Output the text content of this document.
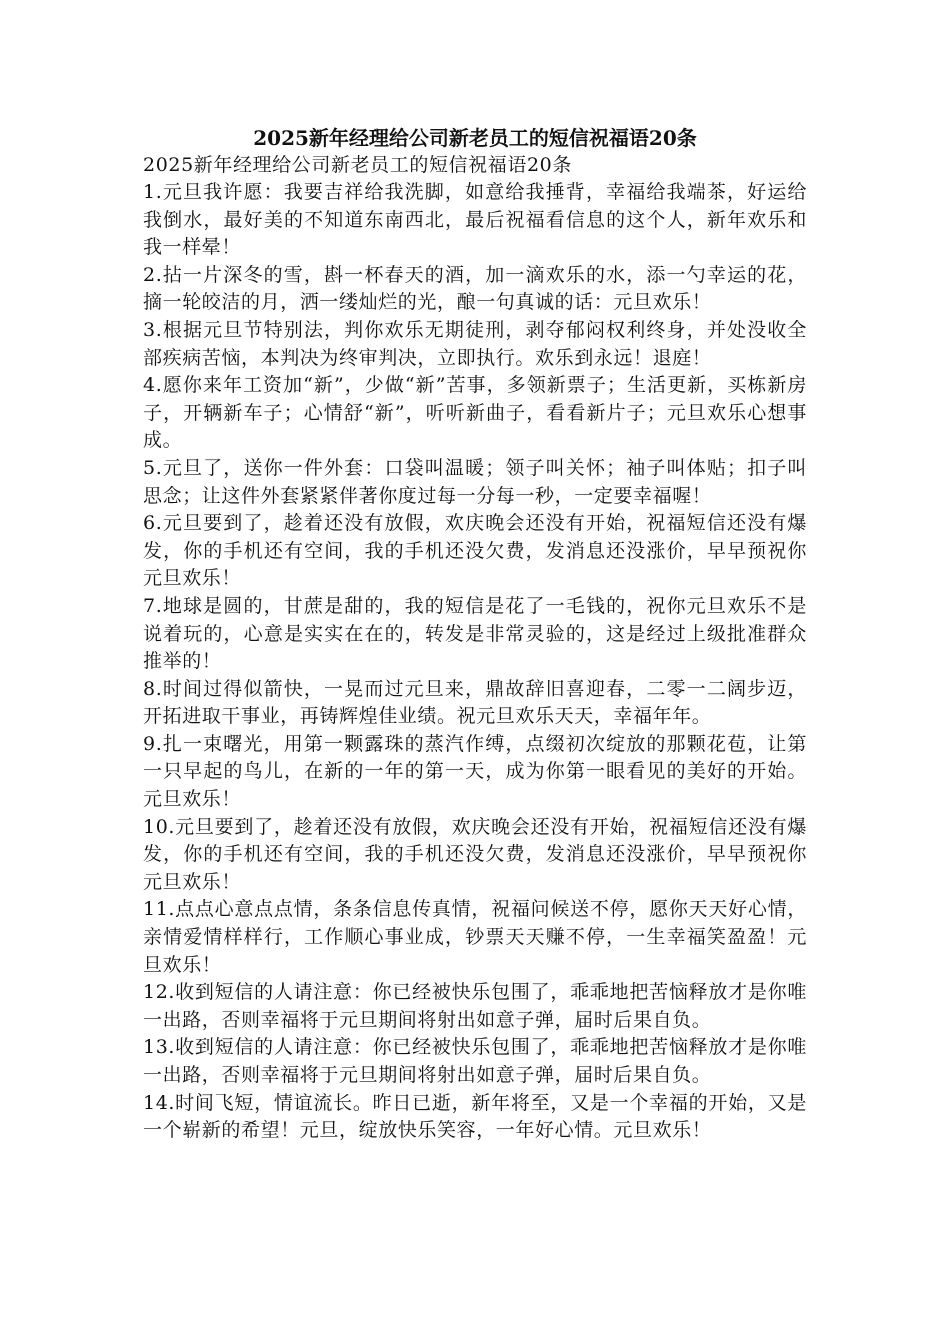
2025新年经理给公司新老员工的短信祝福语20条

2025新年经理给公司新老员工的短信祝福语20条

1.元旦我许愿：我要吉祥给我洗脚，如意给我捶背，幸福给我端茶，好运给我倒水，最好美的不知道东南西北，最后祝福看信息的这个人，新年欢乐和我一样晕！
2.拈一片深冬的雪，斟一杯春天的酒，加一滴欢乐的水，添一勺幸运的花，摘一轮皎洁的月，洒一缕灿烂的光，酿一句真诚的话：元旦欢乐！
3.根据元旦节特别法，判你欢乐无期徒刑，剥夺郁闷权利终身，并处没收全部疾病苦恼，本判决为终审判决，立即执行。欢乐到永远！退庭！
4.愿你来年工资加“新”，少做“新”苦事，多领新票子；生活更新，买栋新房子，开辆新车子；心情舒“新”，听听新曲子，看看新片子；元旦欢乐心想事成。
5.元旦了，送你一件外套：口袋叫温暖；领子叫关怀；袖子叫体贴；扣子叫思念；让这件外套紧紧伴著你度过每一分每一秒，一定要幸福喔！
6.元旦要到了，趁着还没有放假，欢庆晚会还没有开始，祝福短信还没有爆发，你的手机还有空间，我的手机还没欠费，发消息还没涨价，早早预祝你元旦欢乐！
7.地球是圆的，甘蔗是甜的，我的短信是花了一毛钱的，祝你元旦欢乐不是说着玩的，心意是实实在在的，转发是非常灵验的，这是经过上级批准群众推举的！
8.时间过得似箭快，一晃而过元旦来，鼎故辞旧喜迎春，二零一二阔步迈，开拓进取干事业，再铸辉煌佳业绩。祝元旦欢乐天天，幸福年年。
9.扎一束曙光，用第一颗露珠的蒸汽作缚，点缀初次绽放的那颗花苞，让第一只早起的鸟儿，在新的一年的第一天，成为你第一眼看见的美好的开始。元旦欢乐！
10.元旦要到了，趁着还没有放假，欢庆晚会还没有开始，祝福短信还没有爆发，你的手机还有空间，我的手机还没欠费，发消息还没涨价，早早预祝你元旦欢乐！
11.点点心意点点情，条条信息传真情，祝福问候送不停，愿你天天好心情，亲情爱情样样行，工作顺心事业成，钞票天天赚不停，一生幸福笑盈盈！元旦欢乐！
12.收到短信的人请注意：你已经被快乐包围了，乖乖地把苦恼释放才是你唯一出路，否则幸福将于元旦期间将射出如意子弹，届时后果自负。
13.收到短信的人请注意：你已经被快乐包围了，乖乖地把苦恼释放才是你唯一出路，否则幸福将于元旦期间将射出如意子弹，届时后果自负。
14.时间飞短，情谊流长。昨日已逝，新年将至，又是一个幸福的开始，又是一个崭新的希望！元旦，绽放快乐笑容，一年好心情。元旦欢乐！
